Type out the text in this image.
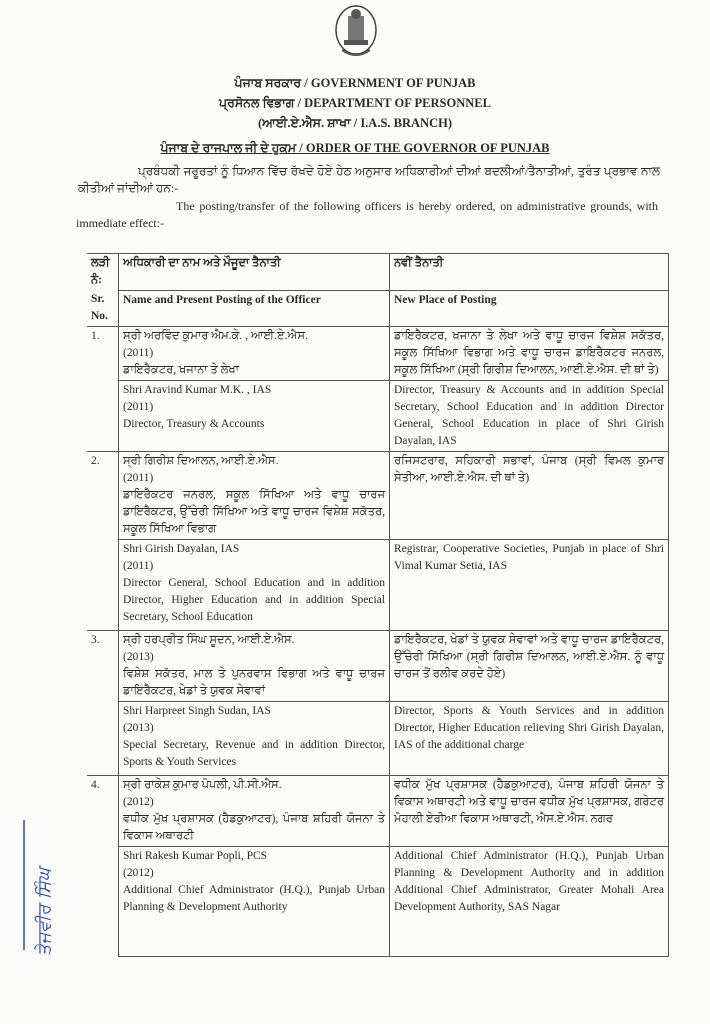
ਪੰਜਾਬ ਸਰਕਾਰ / GOVERNMENT OF PUNJAB
ਪ੍ਰਸੋਨਲ ਵਿਭਾਗ / DEPARTMENT OF PERSONNEL
(ਆਈ.ਏ.ਐਸ. ਸ਼ਾਖਾ / I.A.S. BRANCH)
ਪੰਜਾਬ ਦੇ ਰਾਜਪਾਲ ਜੀ ਦੇ ਹੁਕਮ / ORDER OF THE GOVERNOR OF PUNJAB
ਪ੍ਰਬੰਧਕੀ ਜਰੂਰਤਾਂ ਨੂੰ ਧਿਆਨ ਵਿੱਚ ਰੱਖਦੇ ਹੋਏ ਹੇਠ ਅਨੁਸਾਰ ਅਧਿਕਾਰੀਆਂ ਦੀਆਂ ਬਦਲੀਆਂ/ਤੈਨਾਤੀਆਂ, ਤੁਰੰਤ ਪ੍ਰਭਾਵ ਨਾਲ ਕੀਤੀਆਂ ਜਾਂਦੀਆਂ ਹਨ:-
The posting/transfer of the following officers is hereby ordered, on administrative grounds, with immediate effect:-
ਲੜੀ ਨੰ:	ਅਧਿਕਾਰੀ ਦਾ ਨਾਮ ਅਤੇ ਮੌਜੂਦਾ ਤੈਨਾਤੀ	ਨਵੀਂ ਤੈਨਾਤੀ
Sr. No.	Name and Present Posting of the Officer	New Place of Posting
1.	ਸ੍ਰੀ ਅਰਵਿੰਦ ਕੁਮਾਰ ਐਮ.ਕੇ. , ਆਈ.ਏ.ਐਸ.
(2011)
ਡਾਇਰੈਕਟਰ, ਖਜਾਨਾ ਤੇ ਲੇਖਾ	ਡਾਇਰੈਕਟਰ, ਖਜਾਨਾ ਤੇ ਲੇਖਾ ਅਤੇ ਵਾਧੂ ਚਾਰਜ ਵਿਸ਼ੇਸ਼ ਸਕੱਤਰ, ਸਕੂਲ ਸਿੱਖਿਆ ਵਿਭਾਗ ਅਤੇ ਵਾਧੂ ਚਾਰਜ ਡਾਇਰੈਕਟਰ ਜਨਰਲ, ਸਕੂਲ ਸਿੱਖਿਆ (ਸ੍ਰੀ ਗਿਰੀਸ਼ ਦਿਆਲਨ, ਆਈ.ਏ.ਐਸ. ਦੀ ਥਾਂ ਤੇ)

	Shri Aravind Kumar M.K. , IAS
(2011)
Director, Treasury & Accounts	Director, Treasury & Accounts and in addition Special Secretary, School Education and in addition Director General, School Education in place of Shri Girish Dayalan, IAS
2.	ਸ੍ਰੀ ਗਿਰੀਸ਼ ਦਿਆਲਨ, ਆਈ.ਏ.ਐਸ.
(2011)
ਡਾਇਰੈਕਟਰ ਜਨਰਲ, ਸਕੂਲ ਸਿੱਖਿਆ ਅਤੇ ਵਾਧੂ ਚਾਰਜ ਡਾਇਰੈਕਟਰ, ਉੱਚੇਰੀ ਸਿੱਖਿਆ ਅਤੇ ਵਾਧੂ ਚਾਰਜ ਵਿਸ਼ੇਸ਼ ਸਕੱਤਰ, ਸਕੂਲ ਸਿੱਖਿਆ ਵਿਭਾਗ	ਰਜਿਸਟਰਾਰ, ਸਹਿਕਾਰੀ ਸਭਾਵਾਂ, ਪੰਜਾਬ (ਸ੍ਰੀ ਵਿਮਲ ਕੁਮਾਰ ਸੇਤੀਆ, ਆਈ.ਏ.ਐਸ. ਦੀ ਥਾਂ ਤੇ)

	Shri Girish Dayalan, IAS
(2011)
Director General, School Education and in addition Director, Higher Education and in addition Special Secretary, School Education	Registrar, Cooperative Societies, Punjab in place of Shri Vimal Kumar Setia, IAS
3.	ਸ੍ਰੀ ਹਰਪ੍ਰੀਤ ਸਿੰਘ ਸੂਦਨ, ਆਈ.ਏ.ਐਸ.
(2013)
ਵਿਸ਼ੇਸ਼ ਸਕੱਤਰ, ਮਾਲ ਤੇ ਪੁਨਰਵਾਸ ਵਿਭਾਗ ਅਤੇ ਵਾਧੂ ਚਾਰਜ ਡਾਇਰੈਕਟਰ, ਖੇਡਾਂ ਤੇ ਯੁਵਕ ਸੇਵਾਵਾਂ	ਡਾਇਰੈਕਟਰ, ਖੇਡਾਂ ਤੇ ਯੁਵਕ ਸੇਵਾਵਾਂ ਅਤੇ ਵਾਧੂ ਚਾਰਜ ਡਾਇਰੈਕਟਰ, ਉੱਚੇਰੀ ਸਿੱਖਿਆ (ਸ੍ਰੀ ਗਿਰੀਸ਼ ਦਿਆਲਨ, ਆਈ.ਏ.ਐਸ. ਨੂੰ ਵਾਧੂ ਚਾਰਜ ਤੋਂ ਰਲੀਵ ਕਰਦੇ ਹੋਏ)

	Shri Harpreet Singh Sudan, IAS
(2013)
Special Secretary, Revenue and in addition Director, Sports & Youth Services	Director, Sports & Youth Services and in addition Director, Higher Education relieving Shri Girish Dayalan, IAS of the additional charge
4.	ਸ੍ਰੀ ਰਾਕੇਸ਼ ਕੁਮਾਰ ਪੋਪਲੀ, ਪੀ.ਸੀ.ਐਸ.
(2012)
ਵਧੀਕ ਮੁੱਖ ਪ੍ਰਸ਼ਾਸਕ (ਹੈਡਕੁਆਟਰ), ਪੰਜਾਬ ਸ਼ਹਿਰੀ ਯੋਜਨਾ ਤੇ ਵਿਕਾਸ ਅਥਾਰਟੀ	ਵਧੀਕ ਮੁੱਖ ਪ੍ਰਸ਼ਾਸਕ (ਹੈਡਕੁਆਟਰ), ਪੰਜਾਬ ਸ਼ਹਿਰੀ ਯੋਜਨਾ ਤੇ ਵਿਕਾਸ ਅਥਾਰਟੀ ਅਤੇ ਵਾਧੂ ਚਾਰਜ ਵਧੀਕ ਮੁੱਖ ਪ੍ਰਸ਼ਾਸਕ, ਗਰੇਟਰ ਮੋਹਾਲੀ ਏਰੀਆ ਵਿਕਾਸ ਅਥਾਰਟੀ, ਐਸ.ਏ.ਐਸ. ਨਗਰ

	Shri Rakesh Kumar Popli, PCS
(2012)
Additional Chief Administrator (H.Q.), Punjab Urban Planning & Development Authority	Additional Chief Administrator (H.Q.), Punjab Urban Planning & Development Authority and in addition Additional Chief Administrator, Greater Mohali Area Development Authority, SAS Nagar
ਤੇਜਵੀਰ ਸਿੰਘ
